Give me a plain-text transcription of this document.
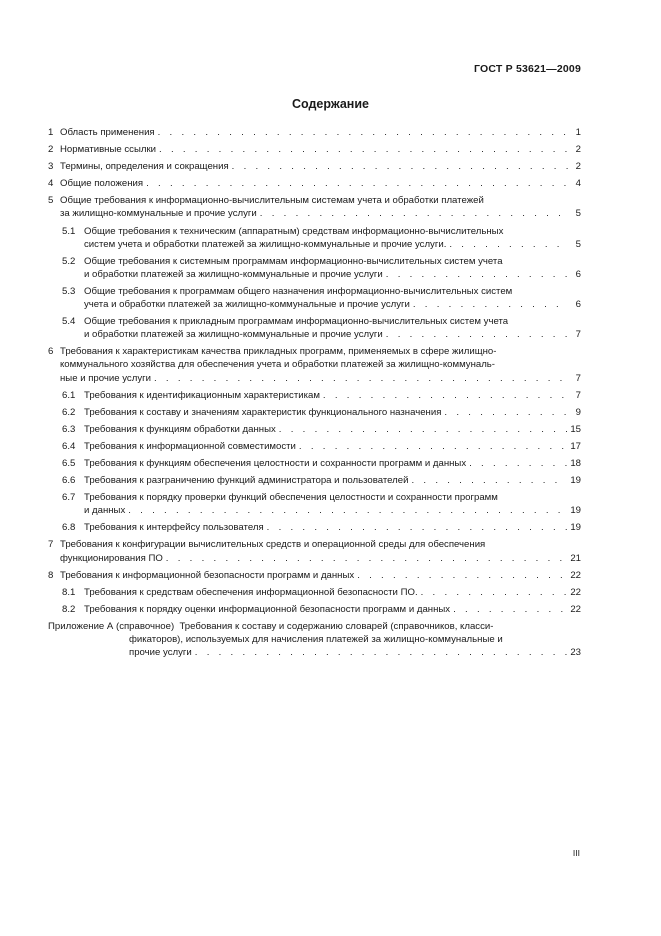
ГОСТ Р 53621—2009
Содержание
1 Область применения . . .	1
2 Нормативные ссылки . . .	2
3 Термины, определения и сокращения . . .	2
4 Общие положения . . .	4
5 Общие требования к информационно-вычислительным системам учета и обработки платежей
за жилищно-коммунальные и прочие услуги . . .	5
5.1 Общие требования к техническим (аппаратным) средствам информационно-вычислительных
систем учета и обработки платежей за жилищно-коммунальные и прочие услуги. . . .	5
5.2 Общие требования к системным программам информационно-вычислительных систем учета
и обработки платежей за жилищно-коммунальные и прочие услуги . . .	6
5.3 Общие требования к программам общего назначения информационно-вычислительных систем
учета и обработки платежей за жилищно-коммунальные и прочие услуги . . .	6
5.4 Общие требования к прикладным программам информационно-вычислительных систем учета
и обработки платежей за жилищно-коммунальные и прочие услуги . . .	7
6 Требования к характеристикам качества прикладных программ, применяемых в сфере жилищно-
коммунального хозяйства для обеспечения учета и обработки платежей за жилищно-коммуналь-
ные и прочие услуги . . .	7
6.1 Требования к идентификационным характеристикам . . .	7
6.2 Требования к составу и значениям характеристик функционального назначения . . .	9
6.3 Требования к функциям обработки данных . . .	15
6.4 Требования к информационной совместимости . . .	17
6.5 Требования к функциям обеспечения целостности и сохранности программ и данных . . .	18
6.6 Требования к разграничению функций администратора и пользователей . . .	19
6.7 Требования к порядку проверки функций обеспечения целостности и сохранности программ
и данных . . .	19
6.8 Требования к интерфейсу пользователя . . .	19
7 Требования к конфигурации вычислительных средств и операционной среды для обеспечения
функционирования ПО . . .	21
8 Требования к информационной безопасности программ и данных . . .	22
8.1 Требования к средствам обеспечения информационной безопасности ПО. . . .	22
8.2 Требования к порядку оценки информационной безопасности программ и данных . . .	22
Приложение А (справочное) Требования к составу и содержанию словарей (справочников, класси-
фикаторов), используемых для начисления платежей за жилищно-коммунальные и
прочие услуги . . .	23
III
